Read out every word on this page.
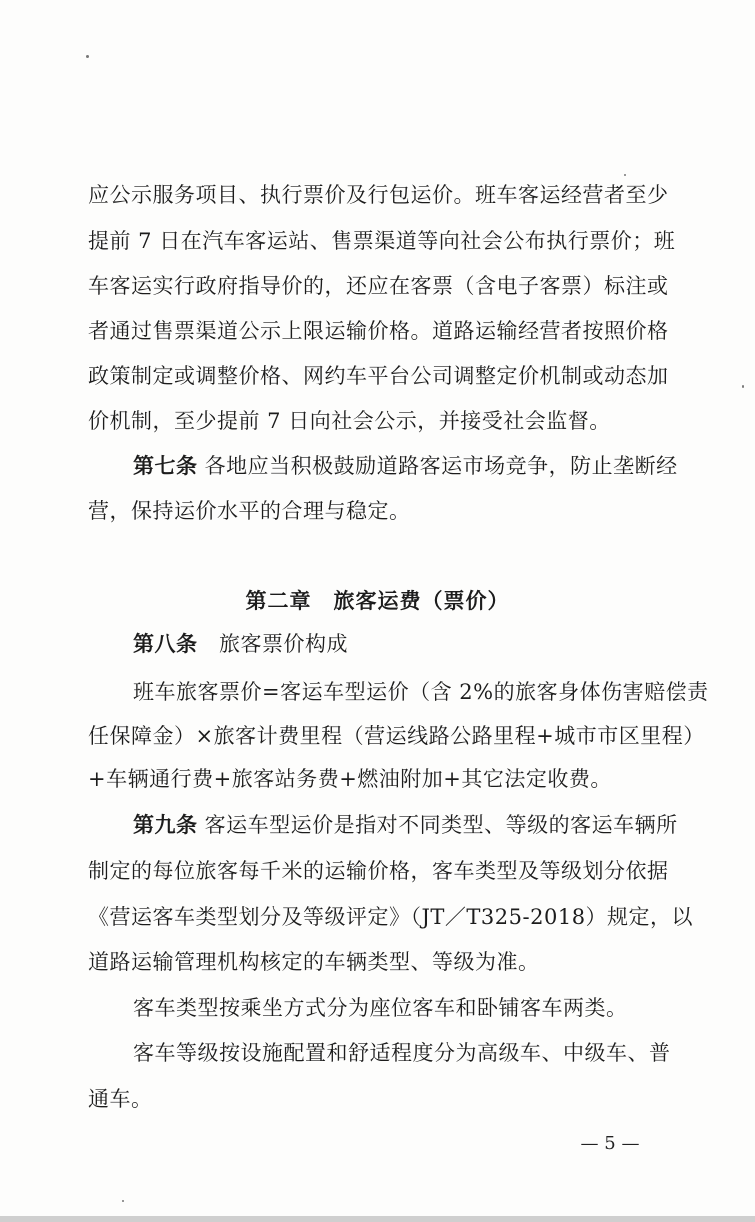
应公示服务项目、执行票价及行包运价。班车客运经营者至少
提前 7 日在汽车客运站、售票渠道等向社会公布执行票价；班
车客运实行政府指导价的，还应在客票（含电子客票）标注或
者通过售票渠道公示上限运输价格。道路运输经营者按照价格
政策制定或调整价格、网约车平台公司调整定价机制或动态加
价机制，至少提前 7 日向社会公示，并接受社会监督。
第七条 各地应当积极鼓励道路客运市场竞争，防止垄断经
营，保持运价水平的合理与稳定。
第二章　旅客运费（票价）
第八条　旅客票价构成
班车旅客票价=客运车型运价（含 2%的旅客身体伤害赔偿责
任保障金）×旅客计费里程（营运线路公路里程+城市市区里程）
+车辆通行费+旅客站务费+燃油附加+其它法定收费。
第九条 客运车型运价是指对不同类型、等级的客运车辆所
制定的每位旅客每千米的运输价格，客车类型及等级划分依据
《营运客车类型划分及等级评定》（JT／T325-2018）规定，以
道路运输管理机构核定的车辆类型、等级为准。
客车类型按乘坐方式分为座位客车和卧铺客车两类。
客车等级按设施配置和舒适程度分为高级车、中级车、普
通车。
— 5 —
